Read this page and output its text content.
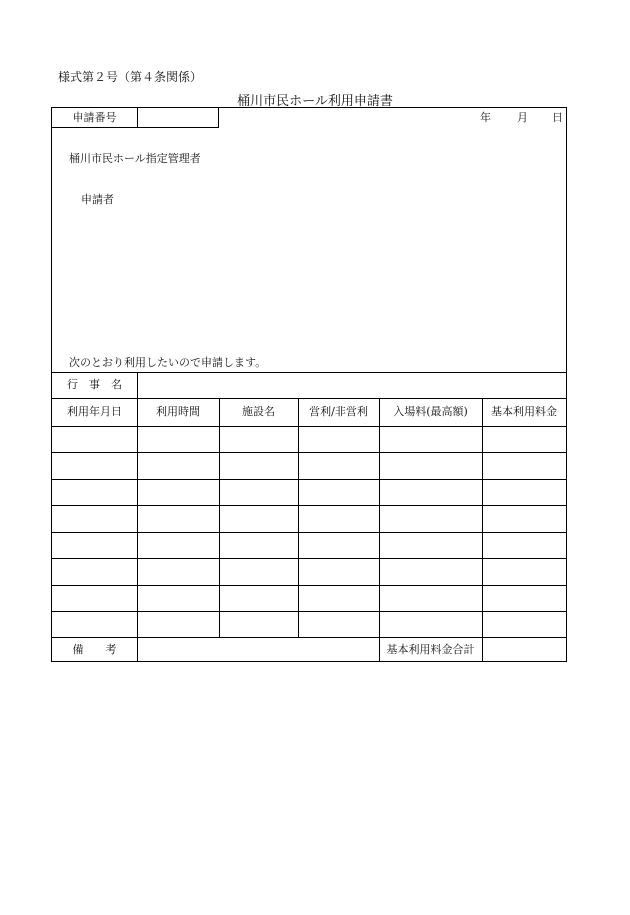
様式第２号（第４条関係）
桶川市民ホール利用申請書
申請番号	年 月 日
桶川市民ホール指定管理者
申請者
次のとおり利用したいので申請します。
行　事　名
利用年月日	利用時間	施設名	営利/非営利	入場料(最高額)	基本利用料金
備　　考	基本利用料金合計
